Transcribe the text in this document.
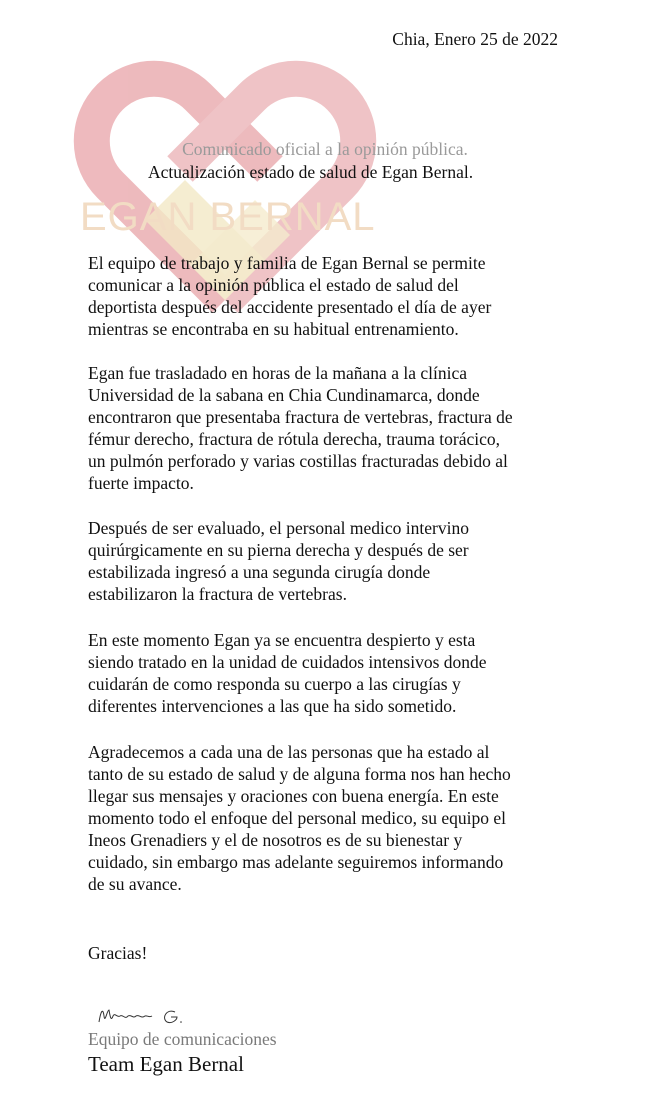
EGAN BERNAL
Chia, Enero 25 de 2022
Comunicado oficial a la opinión pública.
Actualización estado de salud de Egan Bernal.
El equipo de trabajo y familia de Egan Bernal se permite
comunicar a la opinión pública el estado de salud del
deportista después del accidente presentado el día de ayer
mientras se encontraba en su habitual entrenamiento.
Egan fue trasladado en horas de la mañana a la clínica
Universidad de la sabana en Chia Cundinamarca, donde
encontraron que presentaba fractura de vertebras, fractura de
fémur derecho, fractura de rótula derecha, trauma torácico,
un pulmón perforado y varias costillas fracturadas debido al
fuerte impacto.
Después de ser evaluado, el personal medico intervino
quirúrgicamente en su pierna derecha y después de ser
estabilizada ingresó a una segunda cirugía donde
estabilizaron la fractura de vertebras.
En este momento Egan ya se encuentra despierto y esta
siendo tratado en la unidad de cuidados intensivos donde
cuidarán de como responda su cuerpo a las cirugías y
diferentes intervenciones a las que ha sido sometido.
Agradecemos a cada una de las personas que ha estado al
tanto de su estado de salud y de alguna forma nos han hecho
llegar sus mensajes y oraciones con buena energía. En este
momento todo el enfoque del personal medico, su equipo el
Ineos Grenadiers y el de nosotros es de su bienestar y
cuidado, sin embargo mas adelante seguiremos informando
de su avance.
Gracias!
Equipo de comunicaciones
Team Egan Bernal
